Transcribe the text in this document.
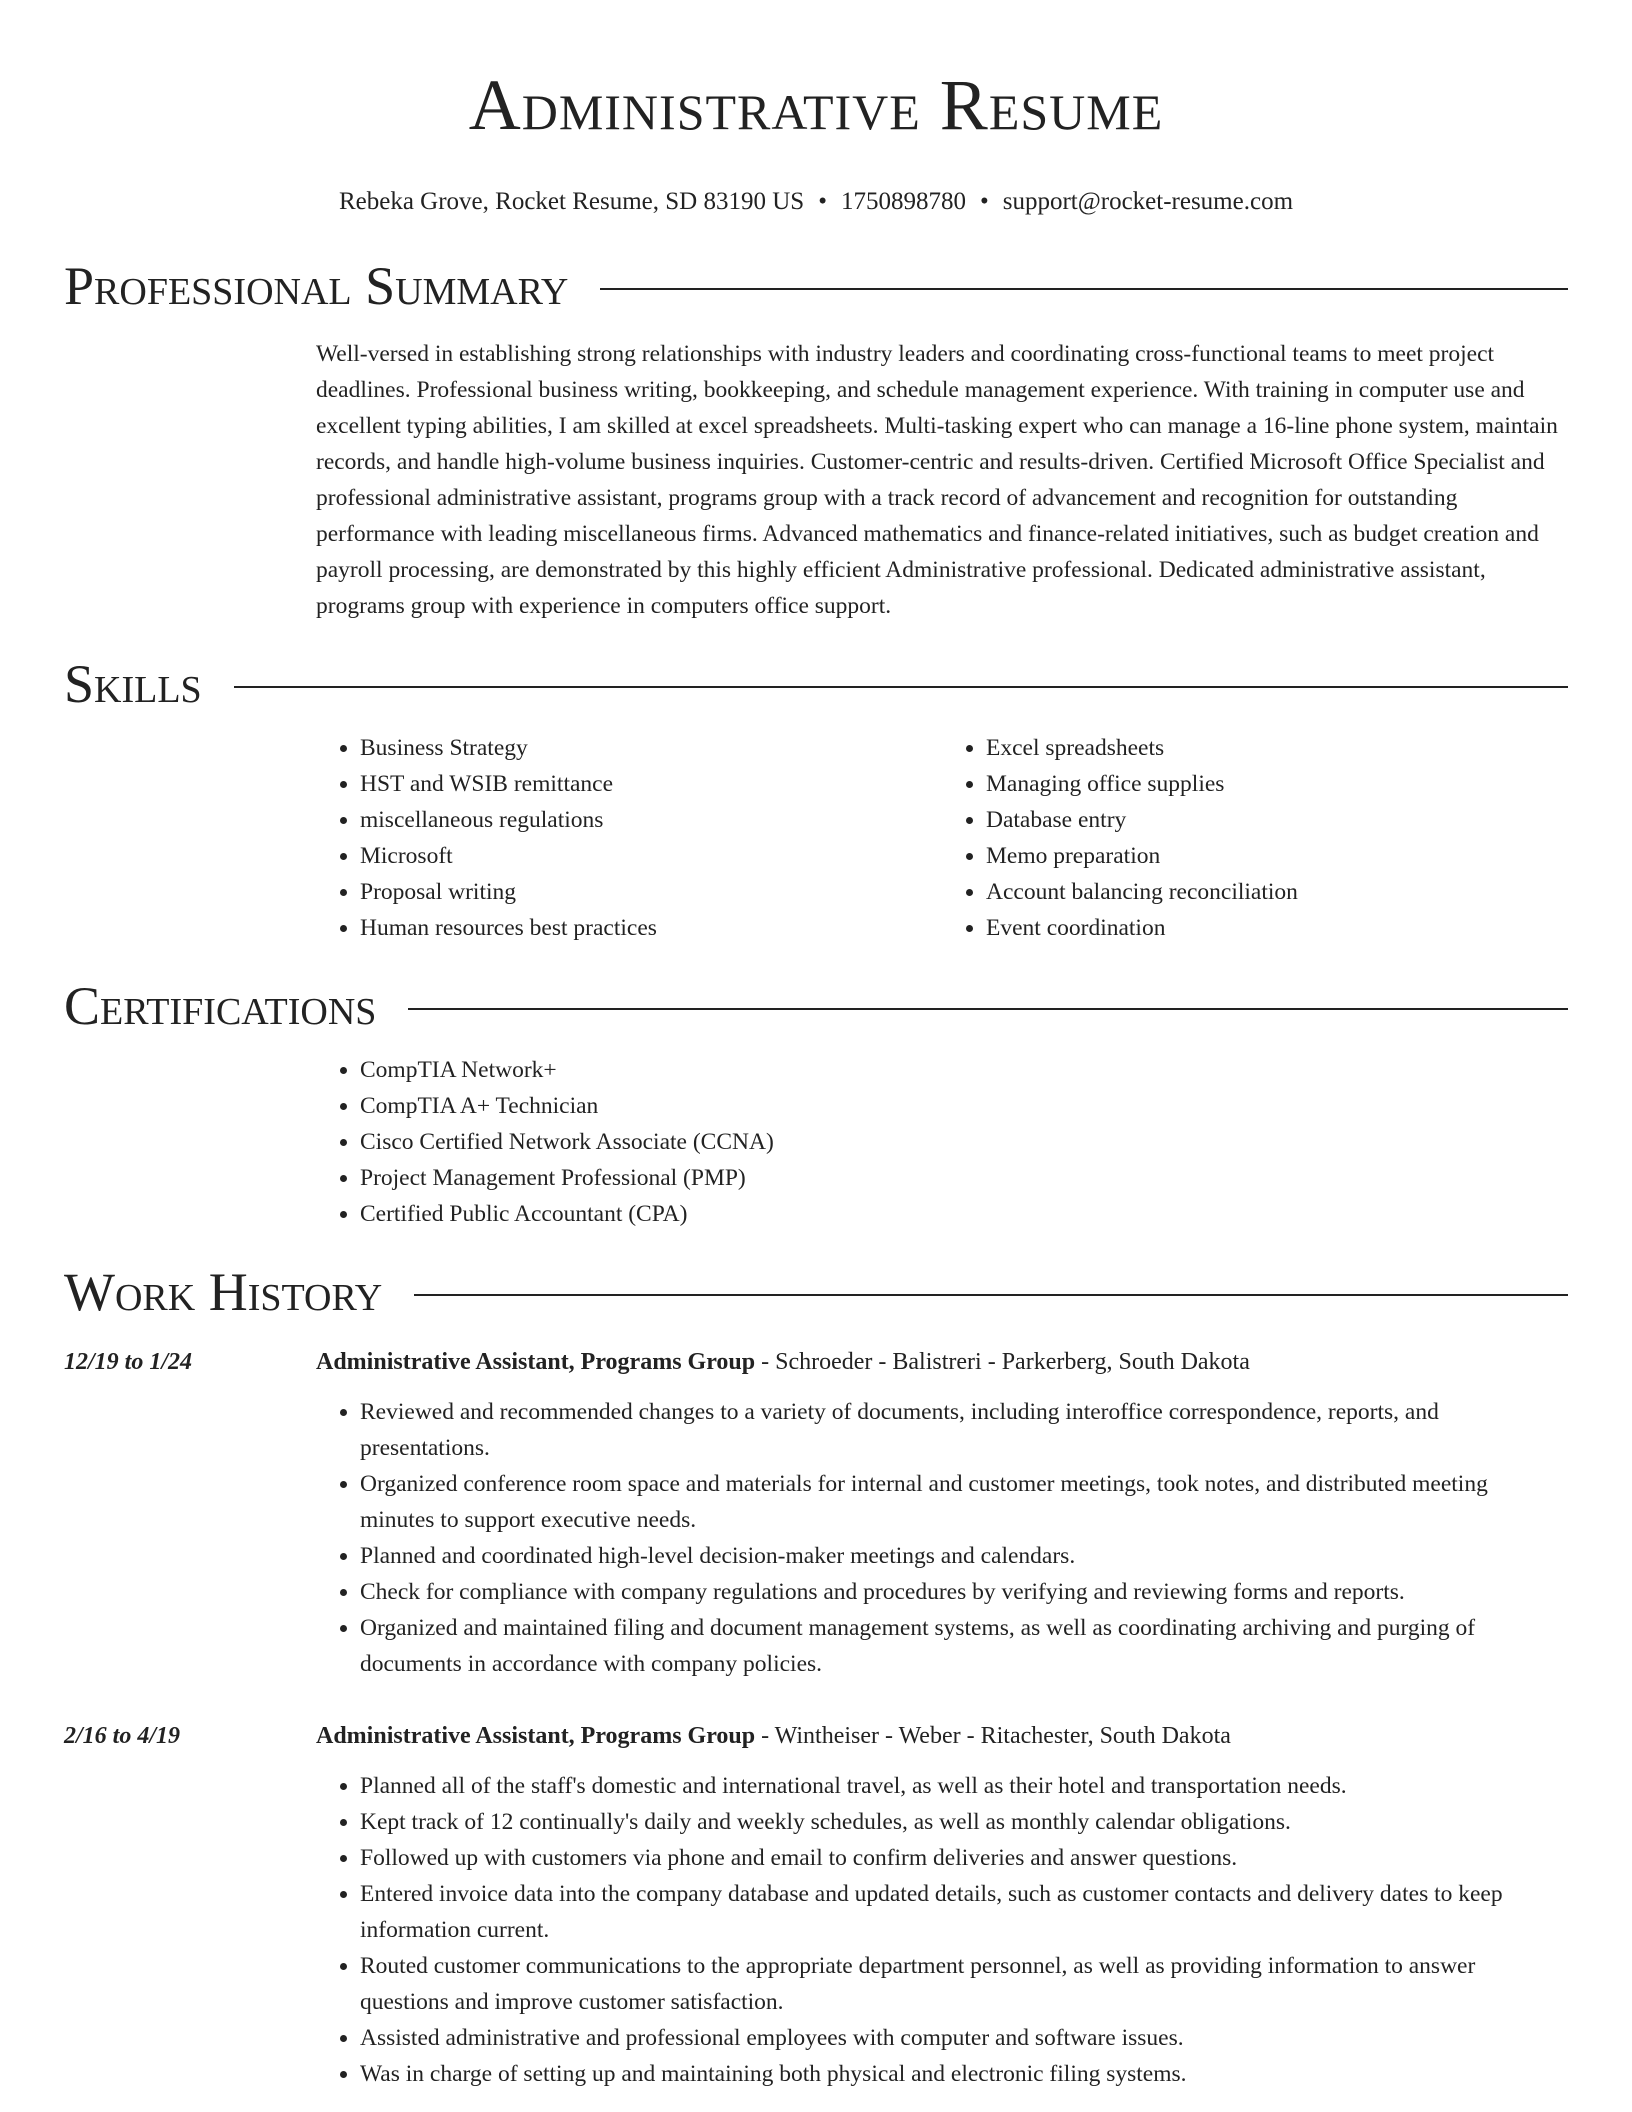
Administrative Resume
Rebeka Grove, Rocket Resume, SD 83190 US • 1750898780 • support@rocket-resume.com
Professional Summary
Well-versed in establishing strong relationships with industry leaders and coordinating cross-functional teams to meet project deadlines. Professional business writing, bookkeeping, and schedule management experience. With training in computer use and excellent typing abilities, I am skilled at excel spreadsheets. Multi-tasking expert who can manage a 16-line phone system, maintain records, and handle high-volume business inquiries. Customer-centric and results-driven. Certified Microsoft Office Specialist and professional administrative assistant, programs group with a track record of advancement and recognition for outstanding performance with leading miscellaneous firms. Advanced mathematics and finance-related initiatives, such as budget creation and payroll processing, are demonstrated by this highly efficient Administrative professional. Dedicated administrative assistant, programs group with experience in computers office support.
Skills
• Business Strategy
• HST and WSIB remittance
• miscellaneous regulations
• Microsoft
• Proposal writing
• Human resources best practices
• Excel spreadsheets
• Managing office supplies
• Database entry
• Memo preparation
• Account balancing reconciliation
• Event coordination
Certifications
• CompTIA Network+
• CompTIA A+ Technician
• Cisco Certified Network Associate (CCNA)
• Project Management Professional (PMP)
• Certified Public Accountant (CPA)
Work History
12/19 to 1/24	Administrative Assistant, Programs Group - Schroeder - Balistreri - Parkerberg, South Dakota
• Reviewed and recommended changes to a variety of documents, including interoffice correspondence, reports, and presentations.
• Organized conference room space and materials for internal and customer meetings, took notes, and distributed meeting minutes to support executive needs.
• Planned and coordinated high-level decision-maker meetings and calendars.
• Check for compliance with company regulations and procedures by verifying and reviewing forms and reports.
• Organized and maintained filing and document management systems, as well as coordinating archiving and purging of documents in accordance with company policies.
2/16 to 4/19	Administrative Assistant, Programs Group - Wintheiser - Weber - Ritachester, South Dakota
• Planned all of the staff's domestic and international travel, as well as their hotel and transportation needs.
• Kept track of 12 continually's daily and weekly schedules, as well as monthly calendar obligations.
• Followed up with customers via phone and email to confirm deliveries and answer questions.
• Entered invoice data into the company database and updated details, such as customer contacts and delivery dates to keep information current.
• Routed customer communications to the appropriate department personnel, as well as providing information to answer questions and improve customer satisfaction.
• Assisted administrative and professional employees with computer and software issues.
• Was in charge of setting up and maintaining both physical and electronic filing systems.
